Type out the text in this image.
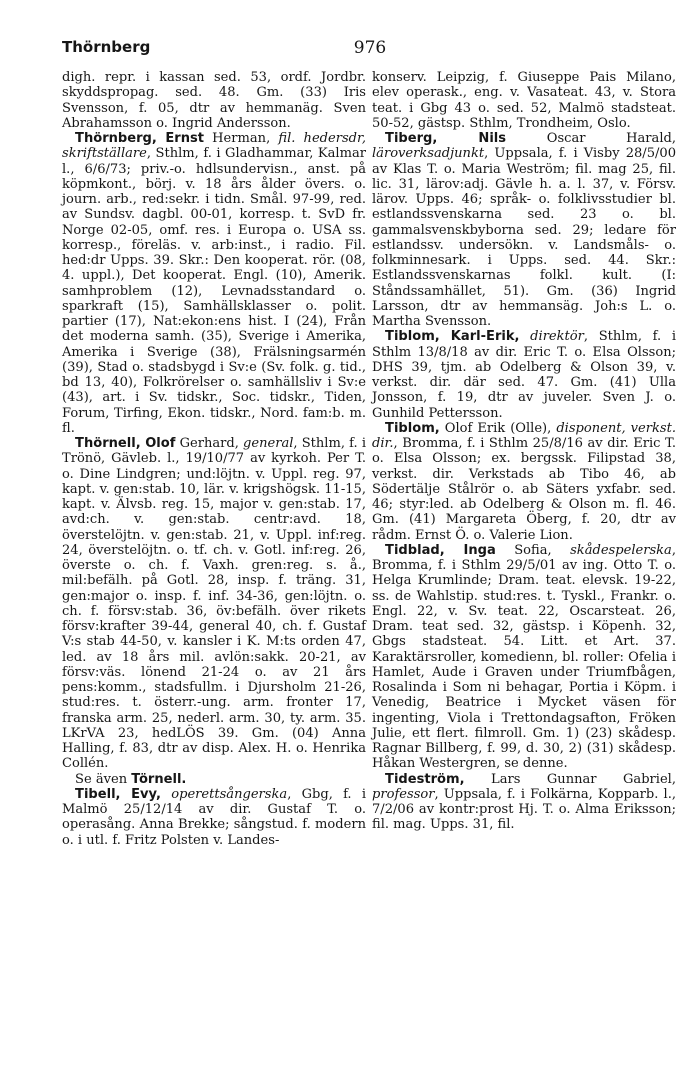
Thörnberg	976

digh. repr. i kassan sed. 53, ordf. Jordbr. skyddspropag. sed. 48. Gm. (33) Iris Svensson, f. 05, dtr av hemmanäg. Sven Abrahamsson o. Ingrid Andersson.

Thörnberg, Ernst Herman, fil. hedersdr, skriftställare, Sthlm, f. i Gladhammar, Kalmar l., 6/6/73; priv.-o. hdlsundervisn., anst. på köpmkont., börj. v. 18 års ålder övers. o. journ. arb., red:sekr. i tidn. Smål. 97-99, red. av Sundsv. dagbl. 00-01, korresp. t. SvD fr. Norge 02-05, omf. res. i Europa o. USA ss. korresp., föreläs. v. arb:inst., i radio. Fil. hed:dr Upps. 39. Skr.: Den kooperat. rör. (08, 4. uppl.), Det kooperat. Engl. (10), Amerik. samhproblem (12), Levnadsstandard o. sparkraft (15), Samhällsklasser o. polit. partier (17), Nat:ekon:ens hist. I (24), Från det moderna samh. (35), Sverige i Amerika, Amerika i Sverige (38), Frälsningsarmén (39), Stad o. stadsbygd i Sv:e (Sv. folk. g. tid., bd 13, 40), Folkrörelser o. samhällsliv i Sv:e (43), art. i Sv. tidskr., Soc. tidskr., Tiden, Forum, Tirfing, Ekon. tidskr., Nord. fam:b. m. fl.

Thörnell, Olof Gerhard, general, Sthlm, f. i Trönö, Gävleb. l., 19/10/77 av kyrkoh. Per T. o. Dine Lindgren; und:löjtn. v. Uppl. reg. 97, kapt. v. gen:stab. 10, lär. v. krigshögsk. 11-15, kapt. v. Älvsb. reg. 15, major v. gen:stab. 17, avd:ch. v. gen:stab. centr:avd. 18, överstelöjtn. v. gen:stab. 21, v. Uppl. inf:reg. 24, överstelöjtn. o. tf. ch. v. Gotl. inf:reg. 26, överste o. ch. f. Vaxh. gren:reg. s. å., mil:befälh. på Gotl. 28, insp. f. träng. 31, gen:major o. insp. f. inf. 34-36, gen:löjtn. o. ch. f. försv:stab. 36, öv:befälh. över rikets försv:krafter 39-44, general 40, ch. f. Gustaf V:s stab 44-50, v. kansler i K. M:ts orden 47, led. av 18 års mil. avlön:sakk. 20-21, av försv:väs. lönend 21-24 o. av 21 års pens:komm., stadsfullm. i Djursholm 21-26, stud:res. t. österr.-ung. arm. fronter 17, franska arm. 25, nederl. arm. 30, ty. arm. 35. LKrVA 23, hedLÖS 39. Gm. (04) Anna Halling, f. 83, dtr av disp. Alex. H. o. Henrika Collén.

Se även Törnell.

Tibell, Evy, operettsångerska, Gbg, f. i Malmö 25/12/14 av dir. Gustaf T. o. operasång. Anna Brekke; sångstud. f. modern o. i utl. f. Fritz Polsten v. Landes-

konserv. Leipzig, f. Giuseppe Pais Milano, elev operask., eng. v. Vasateat. 43, v. Stora teat. i Gbg 43 o. sed. 52, Malmö stadsteat. 50-52, gästsp. Sthlm, Trondheim, Oslo.

Tiberg, Nils Oscar Harald, läroverksadjunkt, Uppsala, f. i Visby 28/5/00 av Klas T. o. Maria Weström; fil. mag 25, fil. lic. 31, lärov:adj. Gävle h. a. l. 37, v. Försv. lärov. Upps. 46; språk- o. folklivsstudier bl. estlandssvenskarna sed. 23 o. bl. gammalsvenskbyborna sed. 29; ledare för estlandssv. undersökn. v. Landsmåls- o. folkminnesark. i Upps. sed. 44. Skr.: Estlandssvenskarnas folkl. kult. (I: Ståndssamhället, 51). Gm. (36) Ingrid Larsson, dtr av hemmansäg. Joh:s L. o. Martha Svensson.

Tiblom, Karl-Erik, direktör, Sthlm, f. i Sthlm 13/8/18 av dir. Eric T. o. Elsa Olsson; DHS 39, tjm. ab Odelberg & Olson 39, v. verkst. dir. där sed. 47. Gm. (41) Ulla Jonsson, f. 19, dtr av juveler. Sven J. o. Gunhild Pettersson.

Tiblom, Olof Erik (Olle), disponent, verkst. dir., Bromma, f. i Sthlm 25/8/16 av dir. Eric T. o. Elsa Olsson; ex. bergssk. Filipstad 38, verkst. dir. Verkstads ab Tibo 46, ab Södertälje Stålrör o. ab Säters yxfabr. sed. 46; styr:led. ab Odelberg & Olson m. fl. 46. Gm. (41) Margareta Öberg, f. 20, dtr av rådm. Ernst Ö. o. Valerie Lion.

Tidblad, Inga Sofia, skådespelerska, Bromma, f. i Sthlm 29/5/01 av ing. Otto T. o. Helga Krumlinde; Dram. teat. elevsk. 19-22, ss. de Wahlstip. stud:res. t. Tyskl., Frankr. o. Engl. 22, v. Sv. teat. 22, Oscarsteat. 26, Dram. teat sed. 32, gästsp. i Köpenh. 32, Gbgs stadsteat. 54. Litt. et Art. 37. Karaktärsroller, komedienn, bl. roller: Ofelia i Hamlet, Aude i Graven under Triumfbågen, Rosalinda i Som ni behagar, Portia i Köpm. i Venedig, Beatrice i Mycket väsen för ingenting, Viola i Trettondagsafton, Fröken Julie, ett flert. filmroll. Gm. 1) (23) skådesp. Ragnar Billberg, f. 99, d. 30, 2) (31) skådesp. Håkan Westergren, se denne.

Tideström, Lars Gunnar Gabriel, professor, Uppsala, f. i Folkärna, Kopparb. l., 7/2/06 av kontr:prost Hj. T. o. Alma Eriksson; fil. mag. Upps. 31, fil.
